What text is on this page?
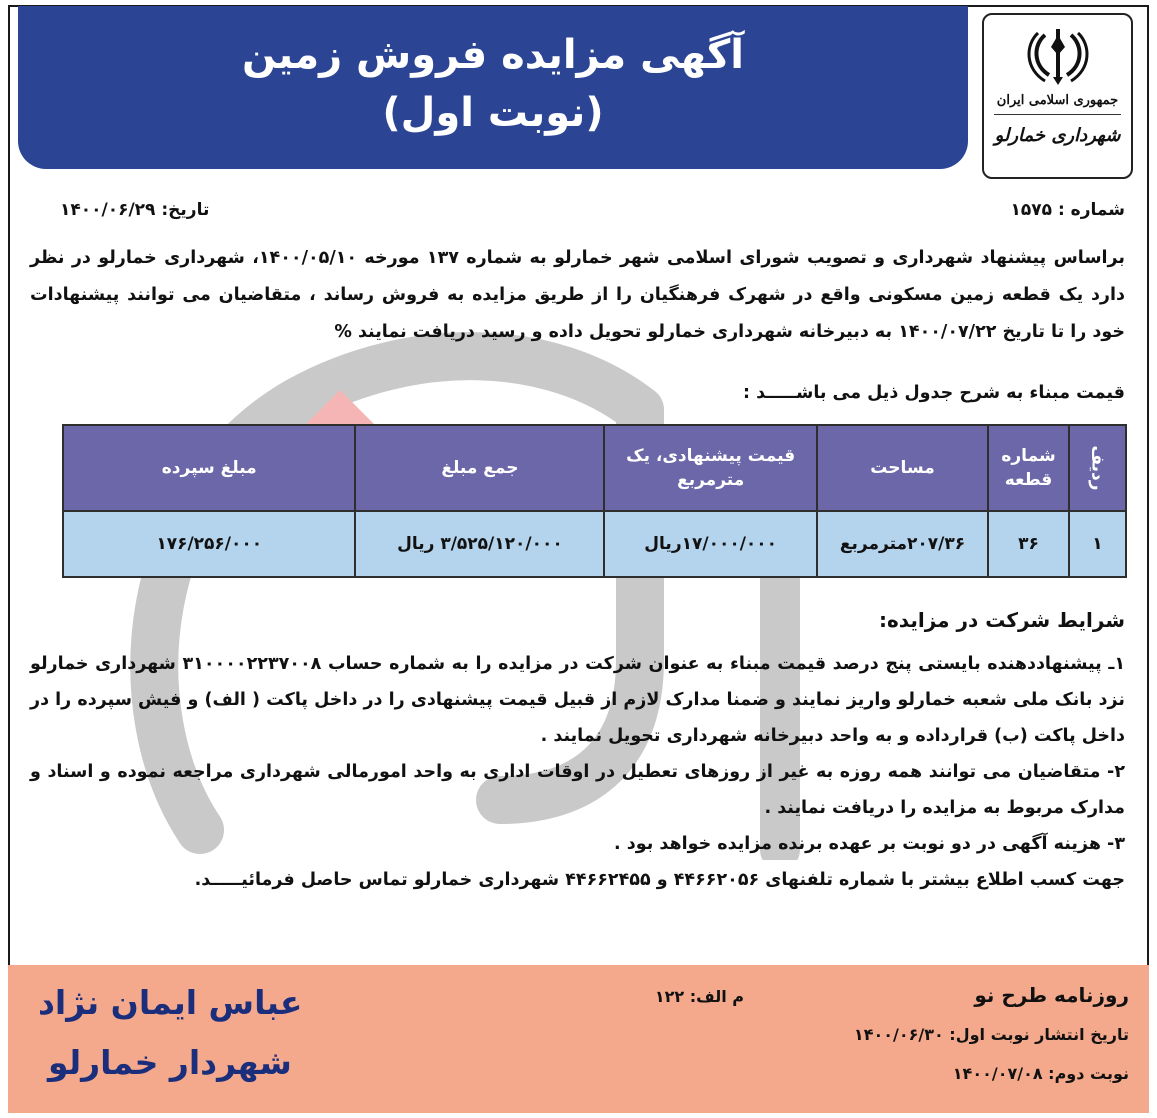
آگهی مزایده فروش زمین
(نوبت اول)	جمهوری اسلامی ایران
شهرداری خمارلو
شماره : ۱۵۷۵
تاریخ: ۱۴۰۰/۰۶/۲۹
براساس پیشنهاد شهرداری و تصویب شورای اسلامی شهر خمارلو به شماره ۱۳۷ مورخه ۱۴۰۰/۰۵/۱۰، شهرداری خمارلو در نظر دارد یک قطعه زمین مسکونی واقع در شهرک فرهنگیان را از طریق مزایده به فروش رساند ، متقاضیان می توانند پیشنهادات خود را تا تاریخ ۱۴۰۰/۰۷/۲۲ به دبیرخانه شهرداری خمارلو تحویل داده و رسید دریافت نمایند %
قیمت مبناء به شرح جدول ذیل می باشـــــد :
ردیف	شماره قطعه	مساحت	قیمت پیشنهادی، یک مترمربع	جمع مبلغ	مبلغ سپرده
۱	۳۶	۲۰۷/۳۶مترمربع	۱۷/۰۰۰/۰۰۰ریال	۳/۵۲۵/۱۲۰/۰۰۰ ریال	۱۷۶/۲۵۶/۰۰۰
شرایط شرکت در مزایده:

۱ـ پیشنهاددهنده بایستی پنج درصد قیمت مبناء به عنوان شرکت در مزایده را به شماره حساب ۳۱۰۰۰۰۲۲۳۷۰۰۸ شهرداری خمارلو نزد بانک ملی شعبه خمارلو واریز نمایند و ضمنا مدارک لازم از قبیل قیمت پیشنهادی را در داخل پاکت ( الف) و فیش سپرده را در داخل پاکت (ب) قرارداده و به واحد دبیرخانه شهرداری تحویل نمایند .

۲- متقاضیان می توانند همه روزه به غیر از روزهای تعطیل در اوقات اداری به واحد امورمالی شهرداری مراجعه نموده و اسناد و مدارک مربوط به مزایده را دریافت نمایند .

۳- هزینه آگهی در دو نوبت بر عهده برنده مزایده خواهد بود .

جهت کسب اطلاع بیشتر با شماره تلفنهای ۴۴۶۶۲۰۵۶ و ۴۴۶۶۲۴۵۵ شهرداری خمارلو تماس حاصل فرمائیـــــد.

روزنامه طرح نو
تاریخ انتشار نوبت اول: ۱۴۰۰/۰۶/۳۰
نوبت دوم: ۱۴۰۰/۰۷/۰۸
م الف: ۱۲۲
عباس ایمان نژاد
شهردار خمارلو
